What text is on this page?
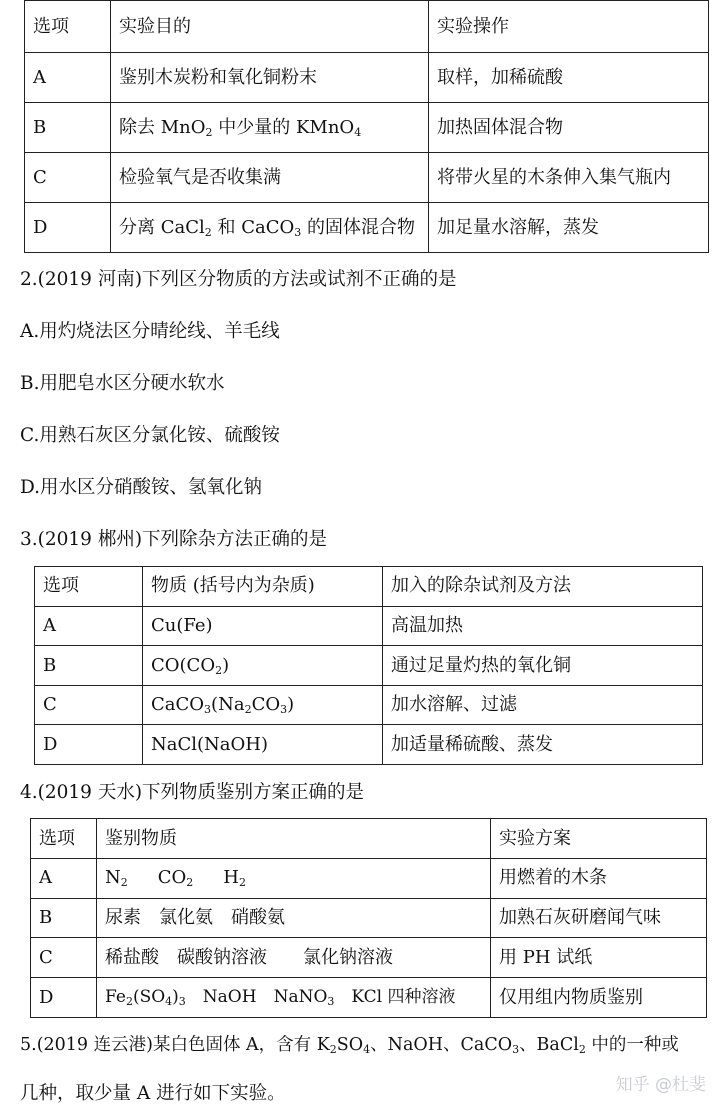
选项	实验目的	实验操作
A	鉴别木炭粉和氧化铜粉末	取样，加稀硫酸
B	除去 MnO$_2$ 中少量的 KMnO$_4$	加热固体混合物
C	检验氧气是否收集满	将带火星的木条伸入集气瓶内
D	分离 CaCl$_2$ 和 CaCO$_3$ 的固体混合物	加足量水溶解，蒸发
2.(2019 河南)下列区分物质的方法或试剂不正确的是
A.用灼烧法区分晴纶线、羊毛线
B.用肥皂水区分硬水软水
C.用熟石灰区分氯化铵、硫酸铵
D.用水区分硝酸铵、氢氧化钠
3.(2019 郴州)下列除杂方法正确的是
选项	物质 (括号内为杂质)	加入的除杂试剂及方法
A	Cu(Fe)	高温加热
B	$CO(CO_2)$	通过足量灼热的氧化铜
C	$CaCO_3(Na_2CO_3)$	加水溶解、过滤
D	NaCl(NaOH)	加适量稀硫酸、蒸发
4.(2019 天水)下列物质鉴别方案正确的是
选项	鉴别物质	实验方案
A	$N_2$ $CO_2$ $H_2$	用燃着的木条
B	尿素　氯化氨　硝酸氨	加熟石灰研磨闻气味
C	稀盐酸　碳酸钠溶液　　氯化钠溶液	用 PH 试纸
D	$Fe_2(SO_4)_3$　NaOH　NaNO$_3$　KCl 四种溶液	仅用组内物质鉴别
5.(2019 连云港)某白色固体 A，含有 $K_2SO_4$、NaOH、CaCO$_3$、BaCl$_2$ 中的一种或
几种，取少量 A 进行如下实验。	知乎 @杜斐
